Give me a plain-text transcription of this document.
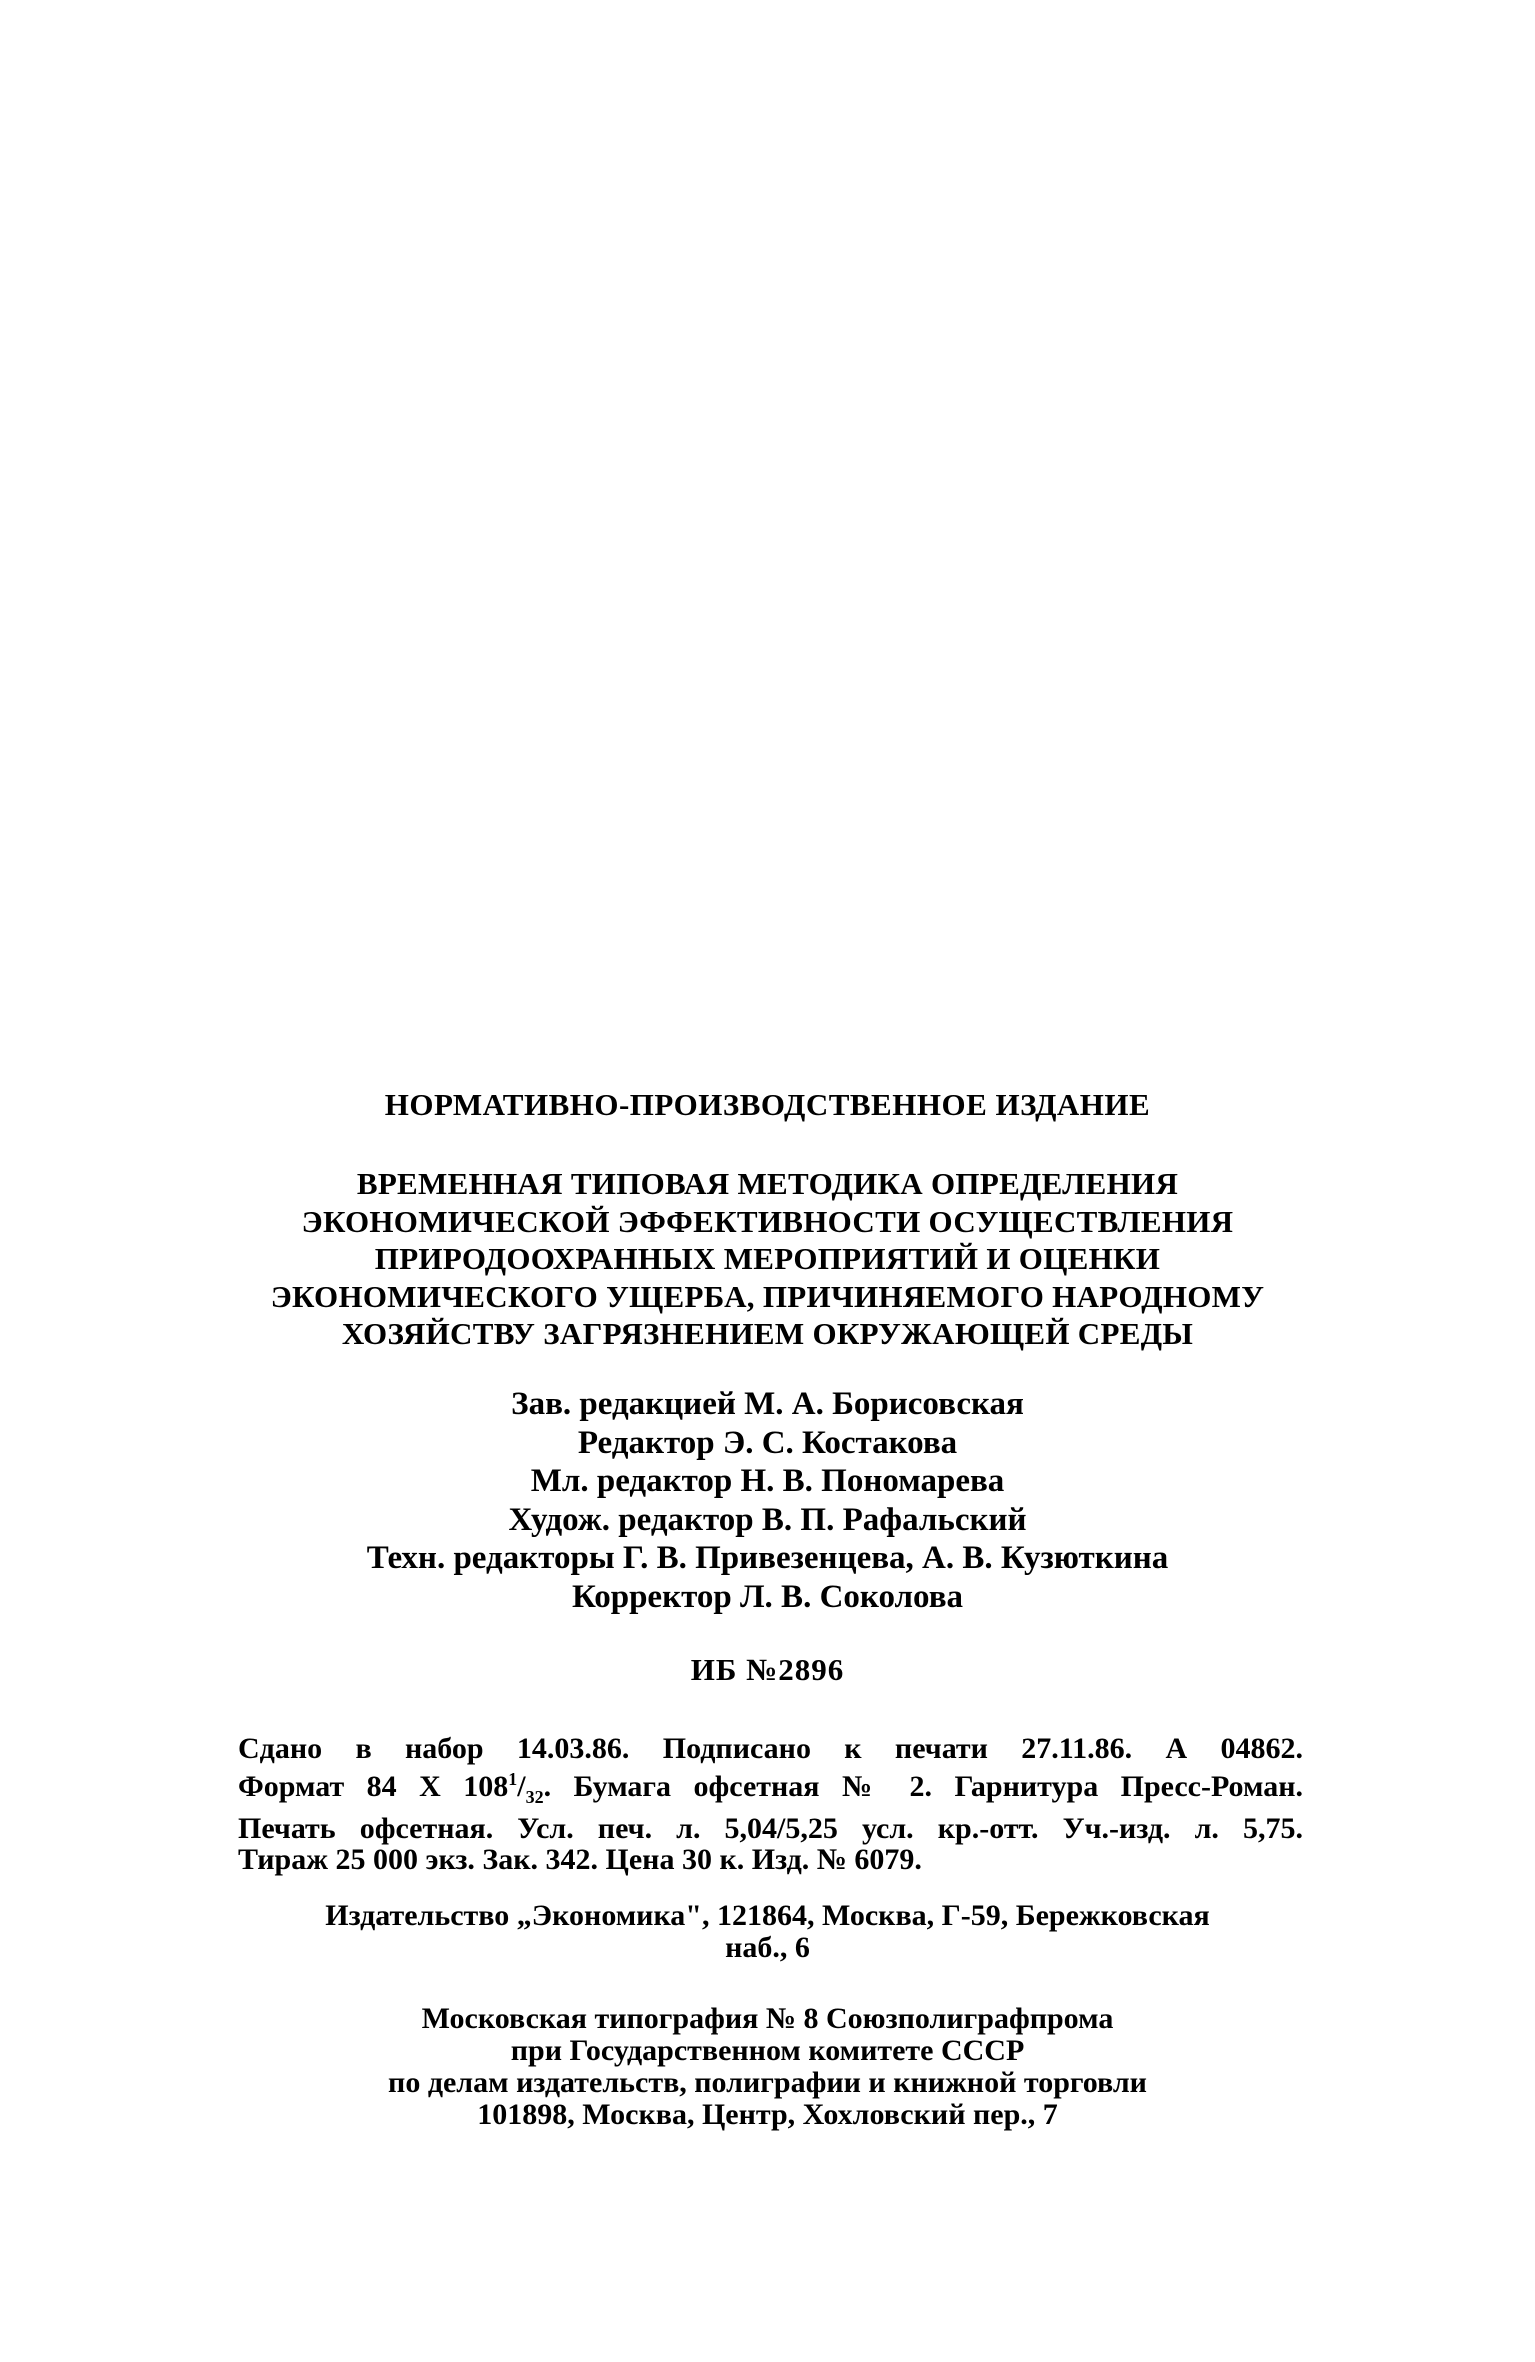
НОРМАТИВНО-ПРОИЗВОДСТВЕННОЕ ИЗДАНИЕ
ВРЕМЕННАЯ ТИПОВАЯ МЕТОДИКА ОПРЕДЕЛЕНИЯ
ЭКОНОМИЧЕСКОЙ ЭФФЕКТИВНОСТИ ОСУЩЕСТВЛЕНИЯ
ПРИРОДООХРАННЫХ МЕРОПРИЯТИЙ И ОЦЕНКИ
ЭКОНОМИЧЕСКОГО УЩЕРБА, ПРИЧИНЯЕМОГО НАРОДНОМУ
ХОЗЯЙСТВУ ЗАГРЯЗНЕНИЕМ ОКРУЖАЮЩЕЙ СРЕДЫ
Зав. редакцией М. А. Борисовская
Редактор Э. С. Костакова
Мл. редактор Н. В. Пономарева
Худож. редактор В. П. Рафальский
Техн. редакторы Г. В. Привезенцева, А. В. Кузюткина
Корректор Л. В. Соколова
ИБ №2896
Сдано в набор 14.03.86. Подписано к печати 27.11.86. А 04862.
Формат 84 X $108^1/_{32}$. Бумага офсетная № 2. Гарнитура Пресс-Роман.
Печать офсетная. Усл. печ. л. 5,04/5,25 усл. кр.-отт. Уч.-изд. л. 5,75.
Тираж 25 000 экз. Зак. 342. Цена 30 к. Изд. № 6079.
Издательство „Экономика", 121864, Москва, Г-59, Бережковская
наб., 6
Московская типография № 8 Союзполиграфпрома
при Государственном комитете СССР
по делам издательств, полиграфии и книжной торговли
101898, Москва, Центр, Хохловский пер., 7
